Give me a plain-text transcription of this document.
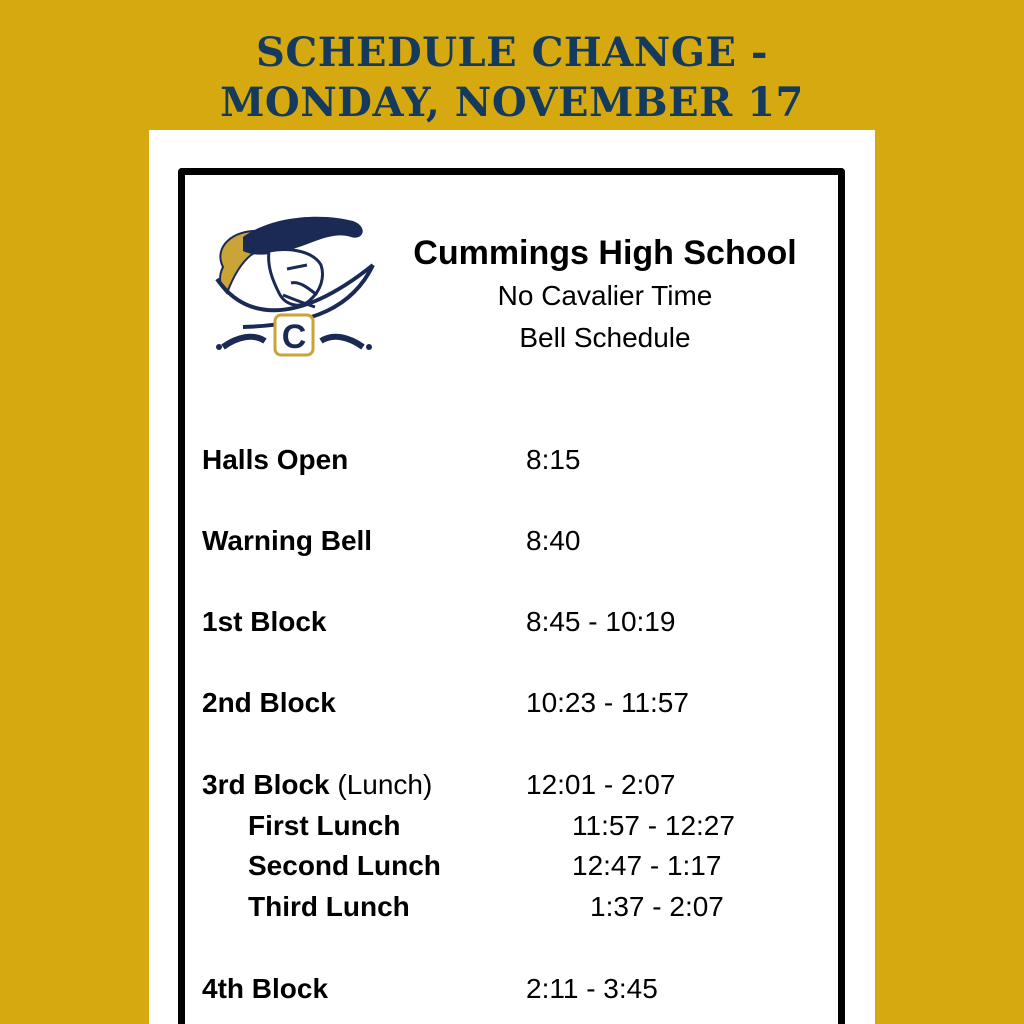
SCHEDULE CHANGE -
MONDAY, NOVEMBER 17
C
Cummings High School
No Cavalier Time
Bell Schedule
Halls Open	8:15
Warning Bell	8:40
1st Block	8:45 - 10:19
2nd Block	10:23 - 11:57
3rd Block (Lunch)	12:01 - 2:07
First Lunch	11:57 - 12:27
Second Lunch	12:47 - 1:17
Third Lunch	1:37 - 2:07
4th Block	2:11 - 3:45
